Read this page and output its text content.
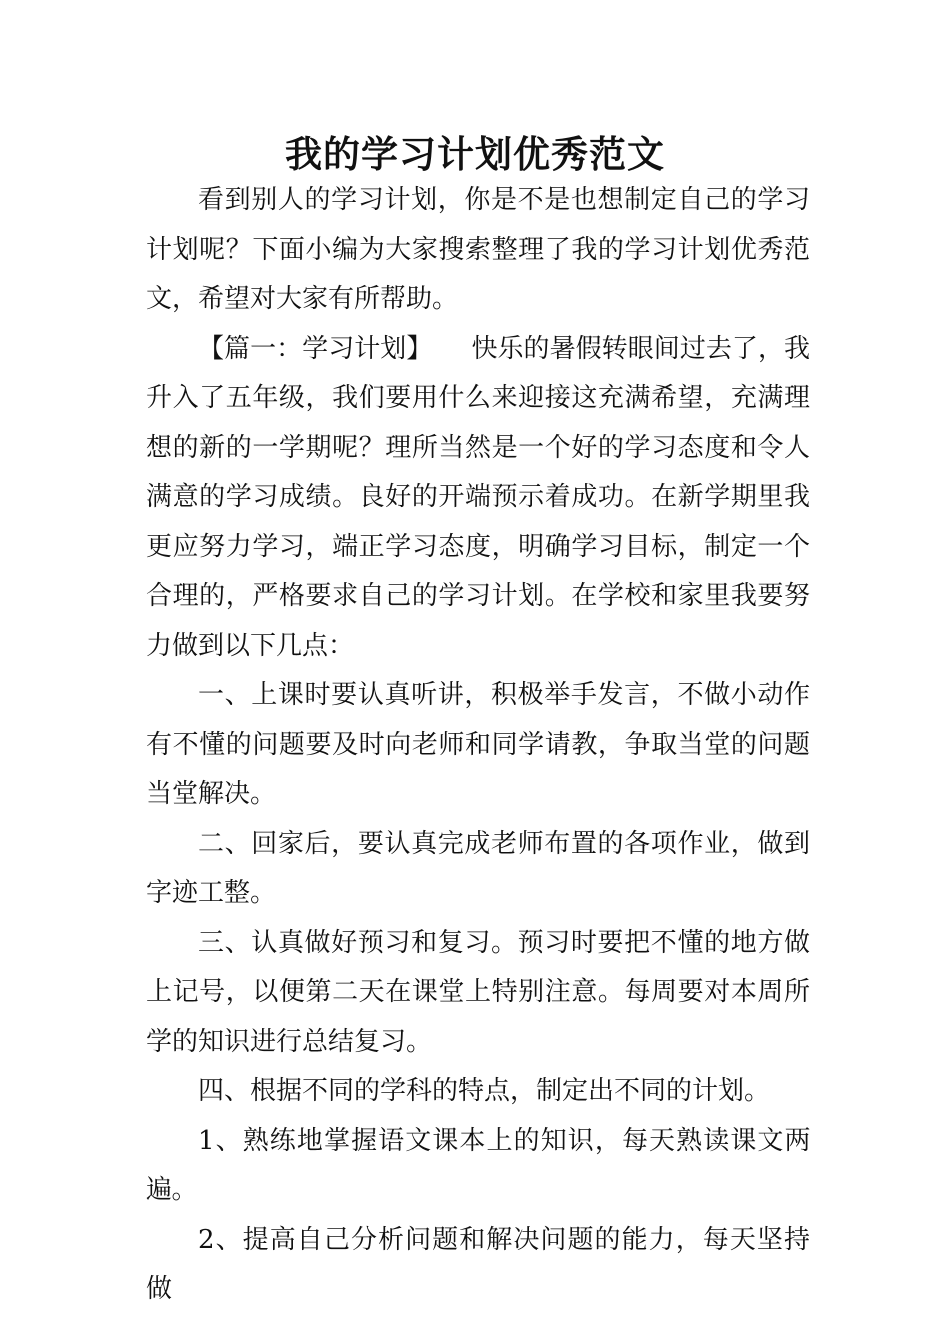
我的学习计划优秀范文

看到别人的学习计划，你是不是也想制定自己的学习计划呢？下面小编为大家搜索整理了我的学习计划优秀范文，希望对大家有所帮助。

【篇一：学习计划】　　快乐的暑假转眼间过去了，我升入了五年级，我们要用什么来迎接这充满希望，充满理想的新的一学期呢？理所当然是一个好的学习态度和令人满意的学习成绩。良好的开端预示着成功。在新学期里我更应努力学习，端正学习态度，明确学习目标，制定一个合理的，严格要求自己的学习计划。在学校和家里我要努力做到以下几点：

一、上课时要认真听讲，积极举手发言，不做小动作有不懂的问题要及时向老师和同学请教，争取当堂的问题当堂解决。

二、回家后，要认真完成老师布置的各项作业，做到字迹工整。

三、认真做好预习和复习。预习时要把不懂的地方做上记号，以便第二天在课堂上特别注意。每周要对本周所学的知识进行总结复习。

四、根据不同的学科的特点，制定出不同的计划。

1、熟练地掌握语文课本上的知识，每天熟读课文两遍。

2、提高自己分析问题和解决问题的能力，每天坚持做
